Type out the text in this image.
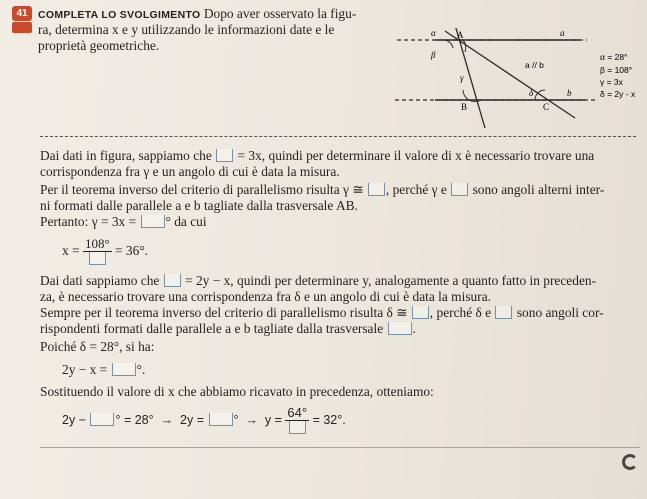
41 COMPLETA LO SVOLGIMENTO Dopo aver osservato la figu-
ra, determina x e y utilizzando le informazioni date e le
proprietà geometriche.
α A
β
a
γ
δ	b
B	C
a // b
α = 28°
β = 108°
γ = 3x
δ = 2y - x
Dai dati in figura, sappiamo che = 3x, quindi per determinare il valore di x è necessario trovare una
corrispondenza fra γ e un angolo di cui è data la misura.
Per il teorema inverso del criterio di parallelismo risulta γ ≅ , perché γ e sono angoli alterni inter-
ni formati dalle parallele a e b tagliate dalla trasversale AB.
Pertanto: γ = 3x = ° da cui
x = 108° = 36°.
Dai dati sappiamo che = 2y − x, quindi per determinare y, analogamente a quanto fatto in preceden-
za, è necessario trovare una corrispondenza fra δ e un angolo di cui è data la misura.
Sempre per il teorema inverso del criterio di parallelismo risulta δ ≅ , perché δ e sono angoli cor-
rispondenti formati dalle parallele a e b tagliate dalla trasversale .
Poiché δ = 28°, si ha:
2y − x = °.
Sostituendo il valore di x che abbiamo ricavato in precedenza, otteniamo:
2y − ° = 28° → 2y = ° → y = 64° = 32°.
